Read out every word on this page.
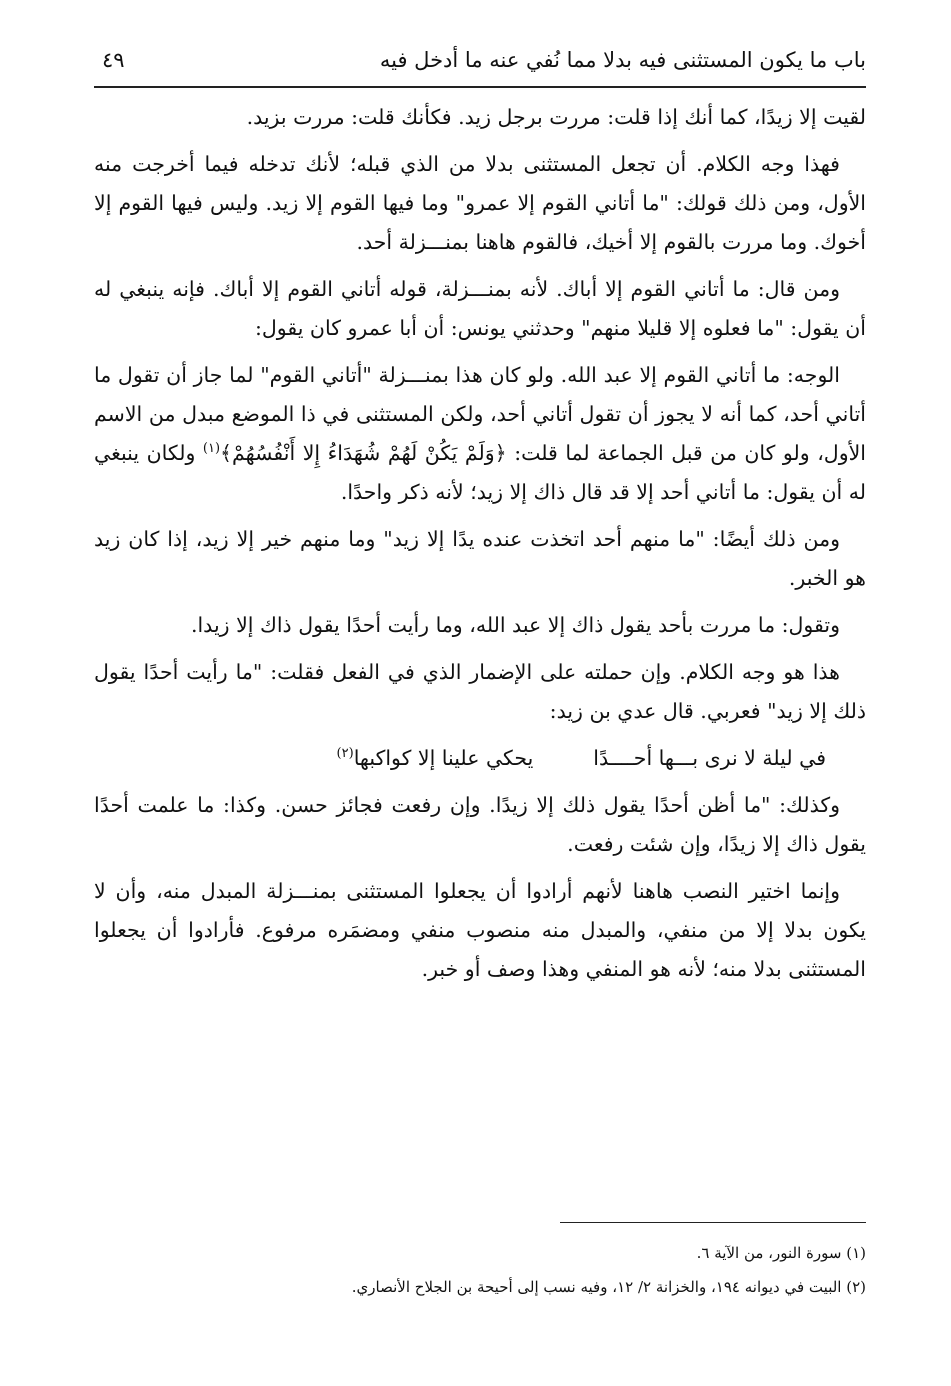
باب ما يكون المستثنى فيه بدلا مما نُفي عنه ما أدخل فيه
٤٩

لقيت إلا زيدًا، كما أنك إذا قلت: مررت برجل زيد. فكأنك قلت: مررت بزيد.

فهذا وجه الكلام. أن تجعل المستثنى بدلا من الذي قبله؛ لأنك تدخله فيما أخرجت منه الأول، ومن ذلك قولك: "ما أتاني القوم إلا عمرو" وما فيها القوم إلا زيد. وليس فيها القوم إلا أخوك. وما مررت بالقوم إلا أخيك، فالقوم هاهنا بمنـــزلة أحد.

ومن قال: ما أتاني القوم إلا أباك. لأنه بمنـــزلة، قوله أتاني القوم إلا أباك. فإنه ينبغي له أن يقول: "ما فعلوه إلا قليلا منهم" وحدثني يونس: أن أبا عمرو كان يقول:

الوجه: ما أتاني القوم إلا عبد الله. ولو كان هذا بمنـــزلة "أتاني القوم" لما جاز أن تقول ما أتاني أحد، كما أنه لا يجوز أن تقول أتاني أحد، ولكن المستثنى في ذا الموضع مبدل من الاسم الأول، ولو كان من قبل الجماعة لما قلت: ﴿وَلَمْ يَكُنْ لَهُمْ شُهَدَاءُ إِلا أَنْفُسُهُمْ﴾$^{(١)}$ ولكان ينبغي له أن يقول: ما أتاني أحد إلا قد قال ذاك إلا زيد؛ لأنه ذكر واحدًا.

ومن ذلك أيضًا: "ما منهم أحد اتخذت عنده يدًا إلا زيد" وما منهم خير إلا زيد، إذا كان زيد هو الخبر.

وتقول: ما مررت بأحد يقول ذاك إلا عبد الله، وما رأيت أحدًا يقول ذاك إلا زيدا.

هذا هو وجه الكلام. وإن حملته على الإضمار الذي في الفعل فقلت: "ما رأيت أحدًا يقول ذلك إلا زيد" فعربي. قال عدي بن زيد:

في ليلة لا نرى بـــها أحــــدًايحكي علينا إلا كواكبها$^{(٢)}$

وكذلك: "ما أظن أحدًا يقول ذلك إلا زيدًا. وإن رفعت فجائز حسن. وكذا: ما علمت أحدًا يقول ذاك إلا زيدًا، وإن شئت رفعت.

وإنما اختير النصب هاهنا لأنهم أرادوا أن يجعلوا المستثنى بمنـــزلة المبدل منه، وأن لا يكون بدلا إلا من منفي، والمبدل منه منصوب منفي ومضمَره مرفوع. فأرادوا أن يجعلوا المستثنى بدلا منه؛ لأنه هو المنفي وهذا وصف أو خبر.

(١) سورة النور، من الآية ٦.

(٢) البيت في ديوانه ١٩٤، والخزانة ٢/ ١٢، وفيه نسب إلى أحيحة بن الجلاح الأنصاري.
